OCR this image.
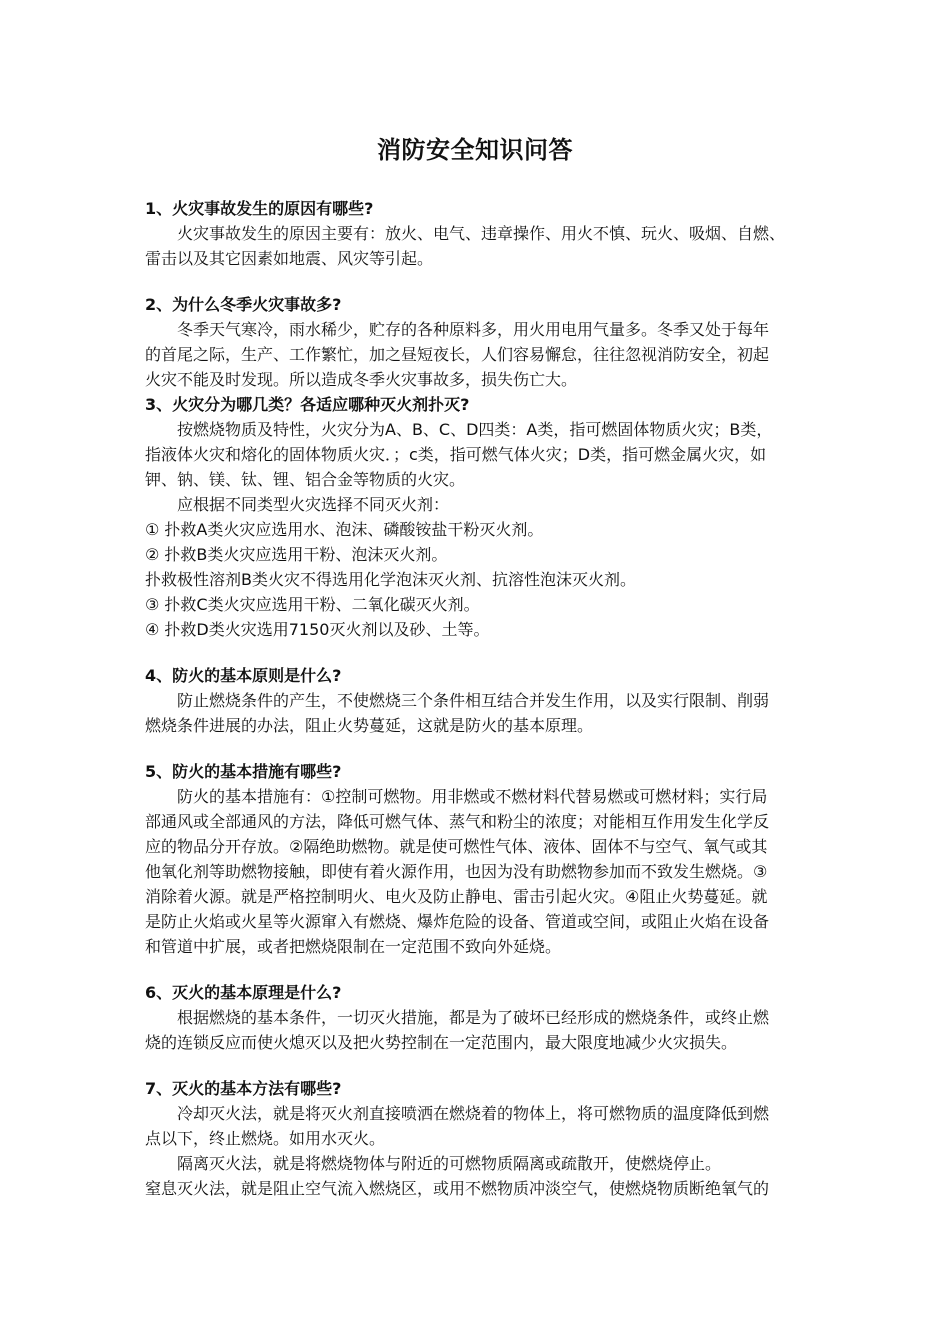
消防安全知识问答
1、火灾事故发生的原因有哪些?
火灾事故发生的原因主要有：放火、电气、违章操作、用火不慎、玩火、吸烟、自燃、
雷击以及其它因素如地震、风灾等引起。
2、为什么冬季火灾事故多?
冬季天气寒冷，雨水稀少，贮存的各种原料多，用火用电用气量多。冬季又处于每年
的首尾之际，生产、工作繁忙，加之昼短夜长，人们容易懈怠，往往忽视消防安全，初起
火灾不能及时发现。所以造成冬季火灾事故多，损失伤亡大。
3、火灾分为哪几类？各适应哪种灭火剂扑灭?
按燃烧物质及特性，火灾分为A、B、C、D四类：A类，指可燃固体物质火灾；B类，
指液体火灾和熔化的固体物质火灾．；c类，指可燃气体火灾；D类，指可燃金属火灾，如
钾、钠、镁、钛、锂、铝合金等物质的火灾。
应根据不同类型火灾选择不同灭火剂：
① 扑救A类火灾应选用水、泡沫、磷酸铵盐干粉灭火剂。
② 扑救B类火灾应选用干粉、泡沫灭火剂。
扑救极性溶剂B类火灾不得选用化学泡沫灭火剂、抗溶性泡沫灭火剂。
③ 扑救C类火灾应选用干粉、二氧化碳灭火剂。
④ 扑救D类火灾选用7150灭火剂以及砂、土等。
4、防火的基本原则是什么?
防止燃烧条件的产生，不使燃烧三个条件相互结合并发生作用，以及实行限制、削弱
燃烧条件进展的办法，阻止火势蔓延，这就是防火的基本原理。
5、防火的基本措施有哪些?
防火的基本措施有：①控制可燃物。用非燃或不燃材料代替易燃或可燃材料；实行局
部通风或全部通风的方法，降低可燃气体、蒸气和粉尘的浓度；对能相互作用发生化学反
应的物品分开存放。②隔绝助燃物。就是使可燃性气体、液体、固体不与空气、氧气或其
他氧化剂等助燃物接触，即使有着火源作用，也因为没有助燃物参加而不致发生燃烧。③
消除着火源。就是严格控制明火、电火及防止静电、雷击引起火灾。④阻止火势蔓延。就
是防止火焰或火星等火源窜入有燃烧、爆炸危险的设备、管道或空间，或阻止火焰在设备
和管道中扩展，或者把燃烧限制在一定范围不致向外延烧。
6、灭火的基本原理是什么?
根据燃烧的基本条件，一切灭火措施，都是为了破坏已经形成的燃烧条件，或终止燃
烧的连锁反应而使火熄灭以及把火势控制在一定范围内，最大限度地减少火灾损失。
7、灭火的基本方法有哪些?
冷却灭火法，就是将灭火剂直接喷洒在燃烧着的物体上，将可燃物质的温度降低到燃
点以下，终止燃烧。如用水灭火。
隔离灭火法，就是将燃烧物体与附近的可燃物质隔离或疏散开，使燃烧停止。
窒息灭火法，就是阻止空气流入燃烧区，或用不燃物质冲淡空气，使燃烧物质断绝氧气的
